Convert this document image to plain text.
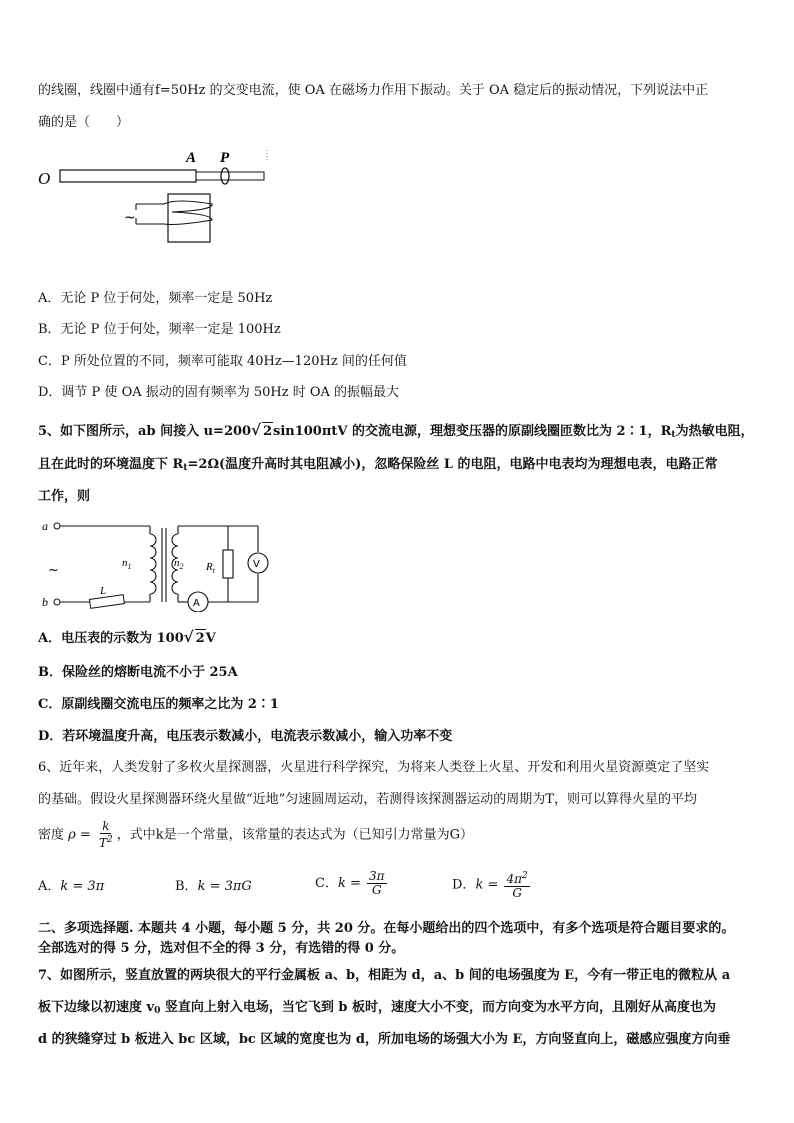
的线圈，线圈中通有f=50Hz 的交变电流，使 OA 在磁场力作用下振动。关于 OA 稳定后的振动情况，下列说法中正
确的是（　　）
O
A P
~
A．无论 P 位于何处，频率一定是 50Hz
B．无论 P 位于何处，频率一定是 100Hz
C．P 所处位置的不同，频率可能取 40Hz—120Hz 间的任何值
D．调节 P 使 OA 振动的固有频率为 50Hz 时 OA 的振幅最大
5、如下图所示，ab 间接入 u=200√ 2sin100πtV 的交流电源，理想变压器的原副线圈匝数比为 2∶1，Rt为热敏电阻，
且在此时的环境温度下 Rt=2Ω(温度升高时其电阻减小)，忽略保险丝 L 的电阻，电路中电表均为理想电表，电路正常
工作，则
a
b
L
~	$n_1$	$n_2$
A
$R_t$
V
A．电压表的示数为 100√ 2V
B．保险丝的熔断电流不小于 25A
C．原副线圈交流电压的频率之比为 2∶1
D．若环境温度升高，电压表示数减小，电流表示数减小，输入功率不变
6、近年来，人类发射了多枚火星探测器，火星进行科学探究，为将来人类登上火星、开发和利用火星资源奠定了坚实
的基础。假设火星探测器环绕火星做“近地”匀速圆周运动，若测得该探测器运动的周期为T，则可以算得火星的平均
密度 $\rho = \frac{k}{T^2}$ ，式中k是一个常量，该常量的表达式为（已知引力常量为G）
A．k = 3π	B．k = 3πG	C．$k = \frac{3\pi}{G}$	D．$k = \frac{4\pi^2}{G}$
二、多项选择题. 本题共 4 小题，每小题 5 分，共 20 分。在每小题给出的四个选项中，有多个选项是符合题目要求的。
全部选对的得 5 分，选对但不全的得 3 分，有选错的得 0 分。
7、如图所示，竖直放置的两块很大的平行金属板 a、b，相距为 d，a、b 间的电场强度为 E，今有一带正电的微粒从 a
板下边缘以初速度 v0 竖直向上射入电场，当它飞到 b 板时，速度大小不变，而方向变为水平方向，且刚好从高度也为
d 的狭缝穿过 b 板进入 bc 区域，bc 区域的宽度也为 d，所加电场的场强大小为 E，方向竖直向上，磁感应强度方向垂
